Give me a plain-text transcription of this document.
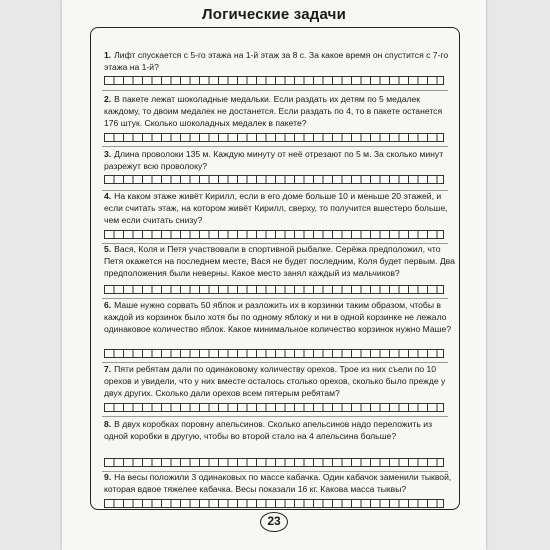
Логические задачи
1. Лифт спускается с 5-го этажа на 1-й этаж за 8 с. За какое время он спустится с 7-го этажа на 1-й?
2. В пакете лежат шоколадные медальки. Если раздать их детям по 5 медалек каждому, то двоим медалек не достанется. Если раздать по 4, то в пакете останется 176 штук. Сколько шоколадных медалек в пакете?
3. Длина проволоки 135 м. Каждую минуту от неё отрезают по 5 м. За сколько минут разрежут всю проволоку?
4. На каком этаже живёт Кирилл, если в его доме больше 10 и меньше 20 этажей, и если считать этаж, на котором живёт Кирилл, сверху, то получится вшестеро больше, чем если считать снизу?
5. Вася, Коля и Петя участвовали в спортивной рыбалке. Серёжа предположил, что Петя окажется на последнем месте, Вася не будет последним, Коля будет первым. Два предположения были неверны. Какое место занял каждый из мальчиков?
6. Маше нужно сорвать 50 яблок и разложить их в корзинки таким образом, чтобы в каждой из корзинок было хотя бы по одному яблоку и ни в одной корзинке не лежало одинаковое количество яблок. Какое минимальное количество корзинок нужно Маше?
7. Пяти ребятам дали по одинаковому количеству орехов. Трое из них съели по 10 орехов и увидели, что у них вместе осталось столько орехов, сколько было прежде у двух других. Сколько дали орехов всем пятерым ребятам?
8. В двух коробках поровну апельсинов. Сколько апельсинов надо переложить из одной коробки в другую, чтобы во второй стало на 4 апельсина больше?
9. На весы положили 3 одинаковых по массе кабачка. Один кабачок заменили тыквой, которая вдвое тяжелее кабачка. Весы показали 16 кг. Какова масса тыквы?
23
